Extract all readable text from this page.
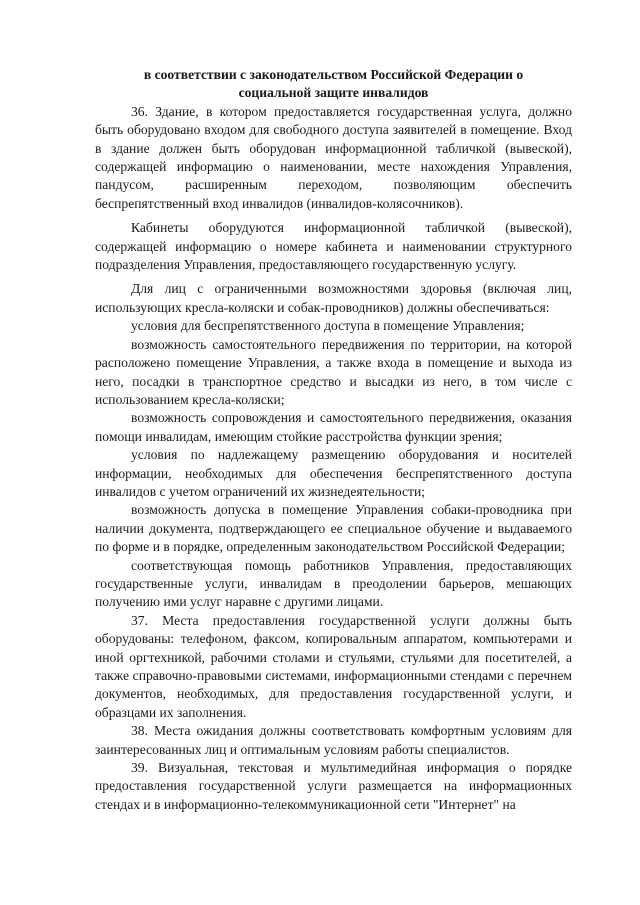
в соответствии с законодательством Российской Федерации о
социальной защите инвалидов

36. Здание, в котором предоставляется государственная услуга, должно быть оборудовано входом для свободного доступа заявителей в помещение. Вход в здание должен быть оборудован информационной табличкой (вывеской), содержащей информацию о наименовании, месте нахождения Управления, пандусом, расширенным переходом, позволяющим обеспечить беспрепятственный вход инвалидов (инвалидов-колясочников).

Кабинеты оборудуются информационной табличкой (вывеской), содержащей информацию о номере кабинета и наименовании структурного подразделения Управления, предоставляющего государственную услугу.

Для лиц с ограниченными возможностями здоровья (включая лиц, использующих кресла-коляски и собак-проводников) должны обеспечиваться:

условия для беспрепятственного доступа в помещение Управления;

возможность самостоятельного передвижения по территории, на которой расположено помещение Управления, а также входа в помещение и выхода из него, посадки в транспортное средство и высадки из него, в том числе с использованием кресла-коляски;

возможность сопровождения и самостоятельного передвижения, оказания помощи инвалидам, имеющим стойкие расстройства функции зрения;

условия по надлежащему размещению оборудования и носителей информации, необходимых для обеспечения беспрепятственного доступа инвалидов с учетом ограничений их жизнедеятельности;

возможность допуска в помещение Управления собаки-проводника при наличии документа, подтверждающего ее специальное обучение и выдаваемого по форме и в порядке, определенным законодательством Российской Федерации;

соответствующая помощь работников Управления, предоставляющих государственные услуги, инвалидам в преодолении барьеров, мешающих получению ими услуг наравне с другими лицами.

37. Места предоставления государственной услуги должны быть оборудованы: телефоном, факсом, копировальным аппаратом, компьютерами и иной оргтехникой, рабочими столами и стульями, стульями для посетителей, а также справочно-правовыми системами, информационными стендами с перечнем документов, необходимых, для предоставления государственной услуги, и образцами их заполнения.

38. Места ожидания должны соответствовать комфортным условиям для заинтересованных лиц и оптимальным условиям работы специалистов.

39. Визуальная, текстовая и мультимедийная информация о порядке предоставления государственной услуги размещается на информационных стендах и в информационно-телекоммуникационной сети "Интернет" на
